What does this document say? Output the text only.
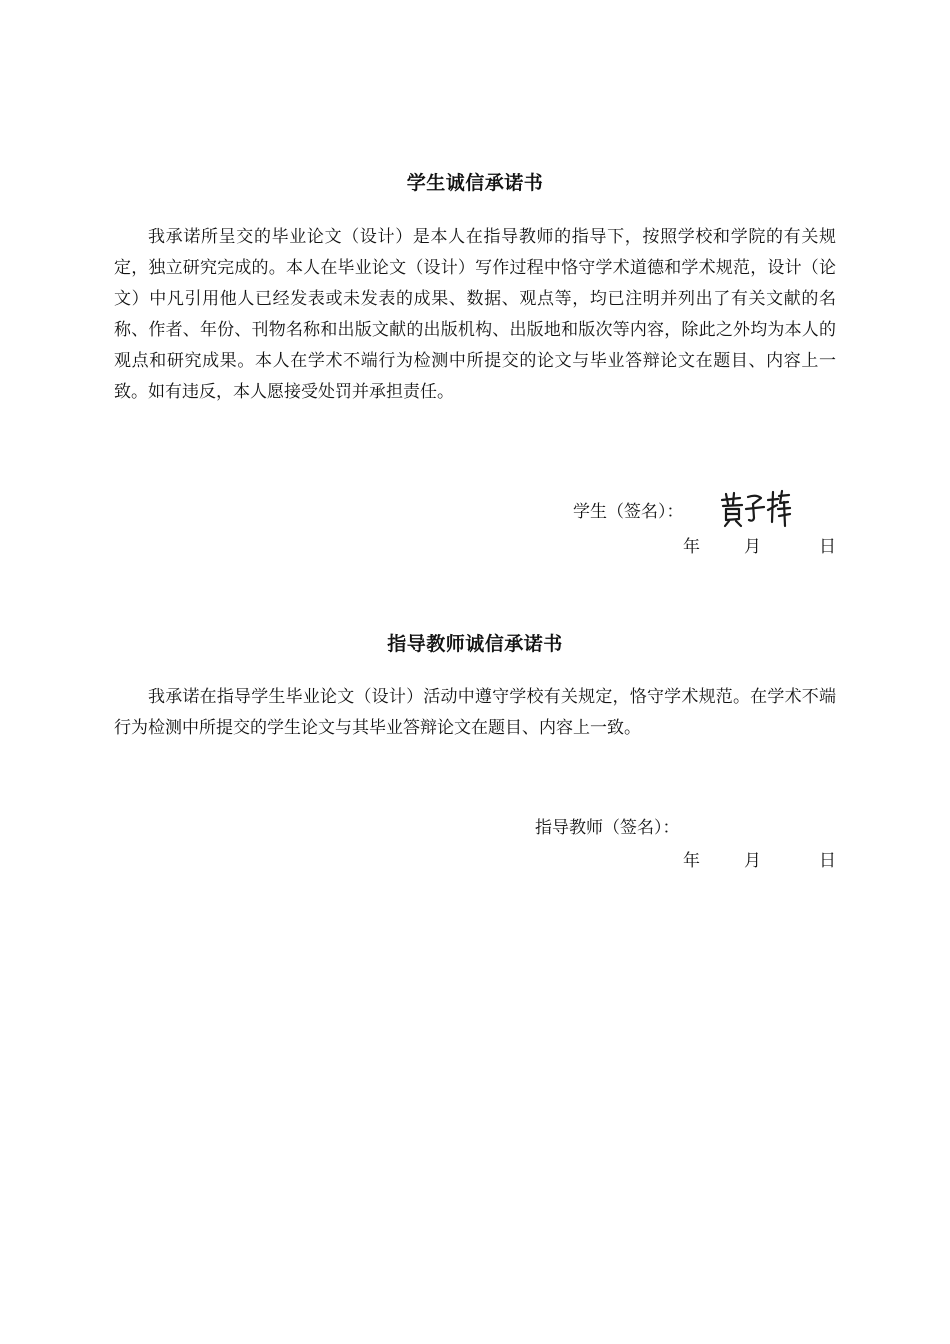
学生诚信承诺书

我承诺所呈交的毕业论文（设计）是本人在指导教师的指导下，按照学校和学院的有关规定，独立研究完成的。本人在毕业论文（设计）写作过程中恪守学术道德和学术规范，设计（论文）中凡引用他人已经发表或未发表的成果、数据、观点等，均已注明并列出了有关文献的名称、作者、年份、刊物名称和出版文献的出版机构、出版地和版次等内容，除此之外均为本人的观点和研究成果。本人在学术不端行为检测中所提交的论文与毕业答辩论文在题目、内容上一致。如有违反，本人愿接受处罚并承担责任。

学生（签名）：
年	月	日
指导教师诚信承诺书

我承诺在指导学生毕业论文（设计）活动中遵守学校有关规定，恪守学术规范。在学术不端行为检测中所提交的学生论文与其毕业答辩论文在题目、内容上一致。

指导教师（签名）：
年	月	日
